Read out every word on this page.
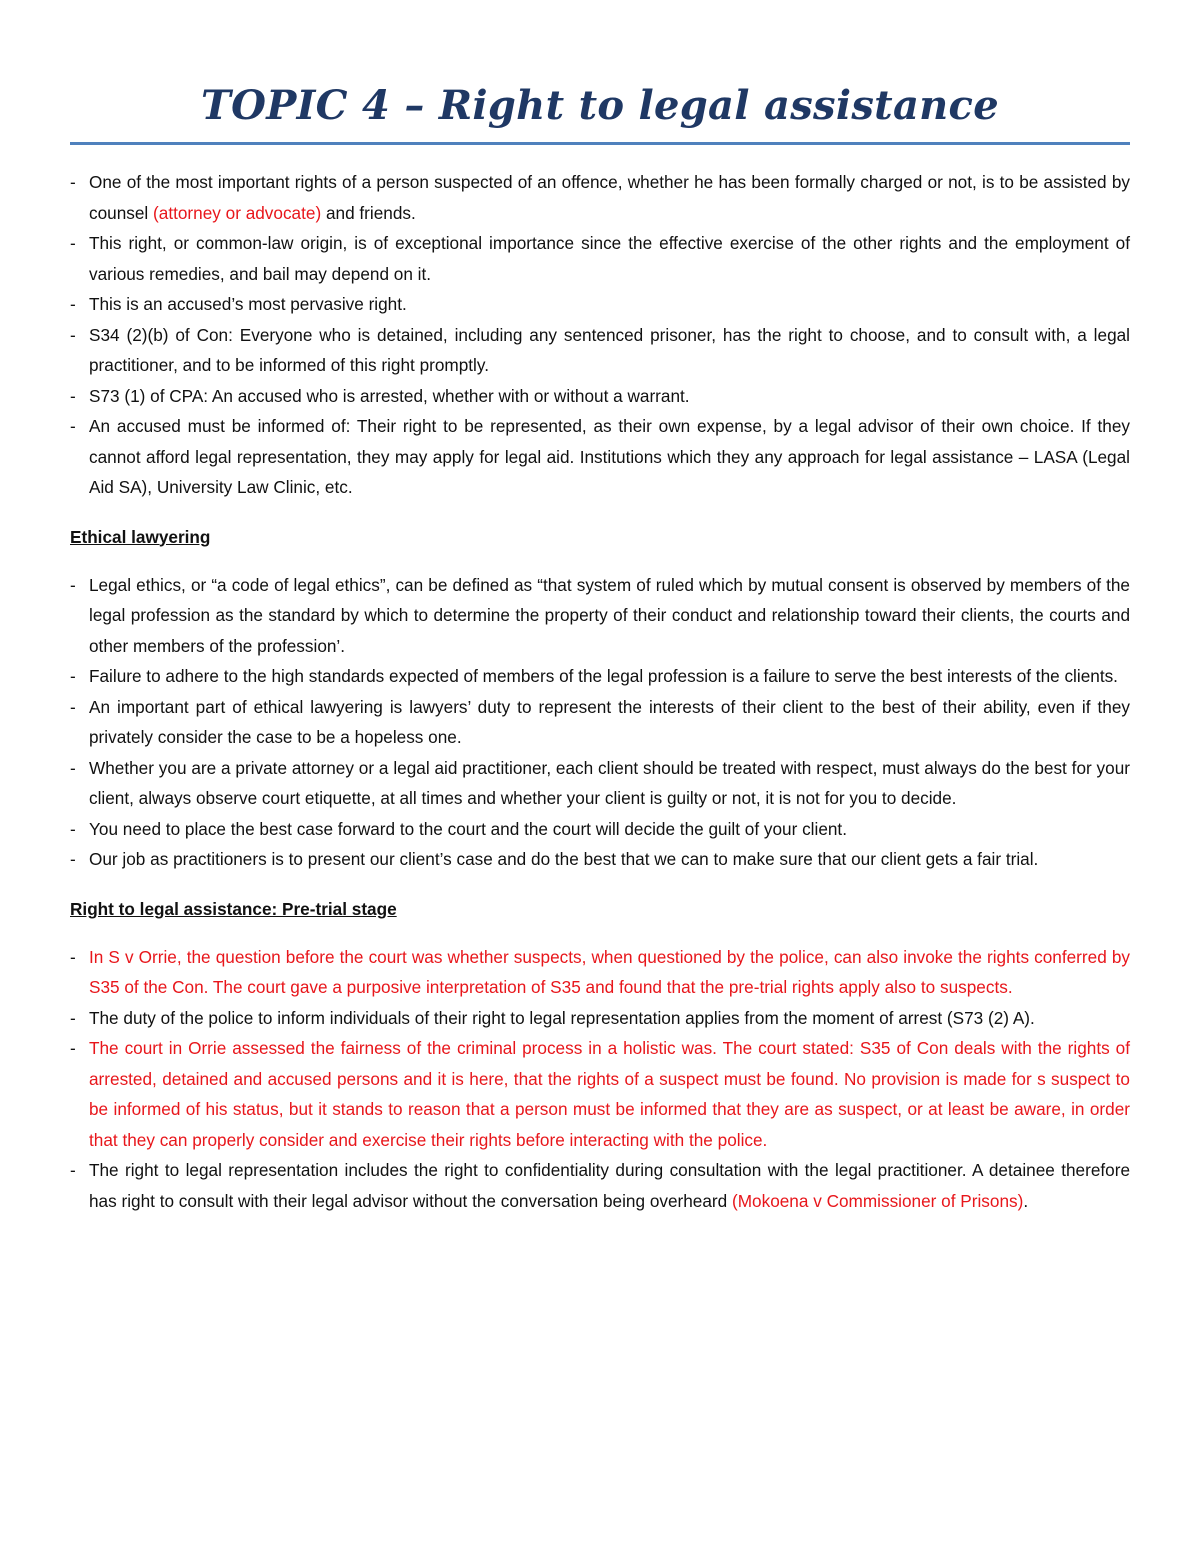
TOPIC 4 – Right to legal assistance
- One of the most important rights of a person suspected of an offence, whether he has been formally charged or not, is to be assisted by counsel (attorney or advocate) and friends.
- This right, or common-law origin, is of exceptional importance since the effective exercise of the other rights and the employment of various remedies, and bail may depend on it.
- This is an accused’s most pervasive right.
- S34 (2)(b) of Con: Everyone who is detained, including any sentenced prisoner, has the right to choose, and to consult with, a legal practitioner, and to be informed of this right promptly.
- S73 (1) of CPA: An accused who is arrested, whether with or without a warrant.
- An accused must be informed of: Their right to be represented, as their own expense, by a legal advisor of their own choice. If they cannot afford legal representation, they may apply for legal aid. Institutions which they any approach for legal assistance – LASA (Legal Aid SA), University Law Clinic, etc.
Ethical lawyering
- Legal ethics, or “a code of legal ethics”, can be defined as “that system of ruled which by mutual consent is observed by members of the legal profession as the standard by which to determine the property of their conduct and relationship toward their clients, the courts and other members of the profession’.
- Failure to adhere to the high standards expected of members of the legal profession is a failure to serve the best interests of the clients.
- An important part of ethical lawyering is lawyers’ duty to represent the interests of their client to the best of their ability, even if they privately consider the case to be a hopeless one.
- Whether you are a private attorney or a legal aid practitioner, each client should be treated with respect, must always do the best for your client, always observe court etiquette, at all times and whether your client is guilty or not, it is not for you to decide.
- You need to place the best case forward to the court and the court will decide the guilt of your client.
- Our job as practitioners is to present our client’s case and do the best that we can to make sure that our client gets a fair trial.
Right to legal assistance: Pre-trial stage
- In S v Orrie, the question before the court was whether suspects, when questioned by the police, can also invoke the rights conferred by S35 of the Con. The court gave a purposive interpretation of S35 and found that the pre-trial rights apply also to suspects.
- The duty of the police to inform individuals of their right to legal representation applies from the moment of arrest (S73 (2) A).
- The court in Orrie assessed the fairness of the criminal process in a holistic was. The court stated: S35 of Con deals with the rights of arrested, detained and accused persons and it is here, that the rights of a suspect must be found. No provision is made for s suspect to be informed of his status, but it stands to reason that a person must be informed that they are as suspect, or at least be aware, in order that they can properly consider and exercise their rights before interacting with the police.
- The right to legal representation includes the right to confidentiality during consultation with the legal practitioner. A detainee therefore has right to consult with their legal advisor without the conversation being overheard (Mokoena v Commissioner of Prisons).
